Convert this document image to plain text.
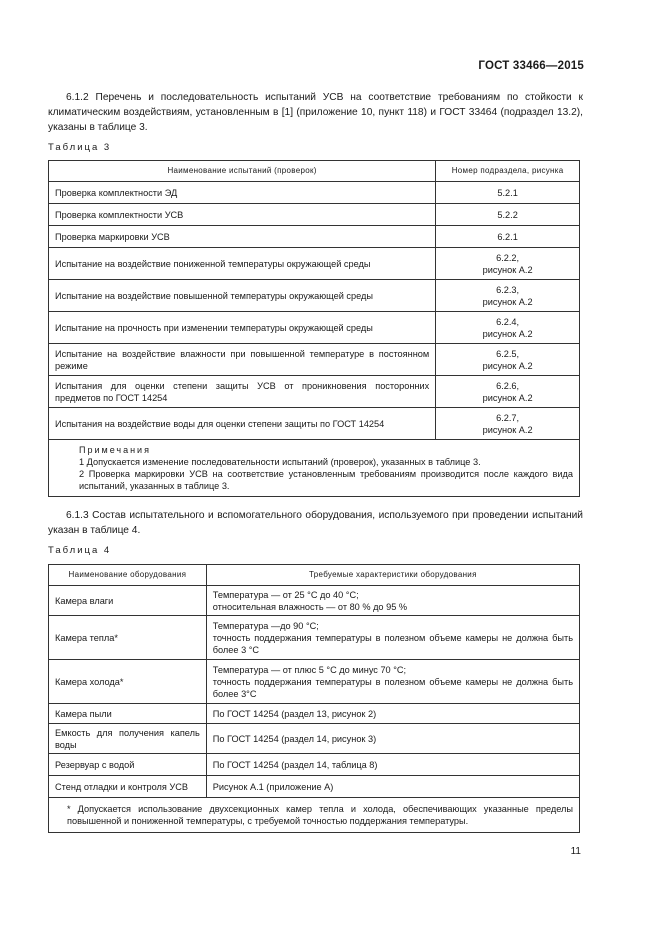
ГОСТ 33466—2015
6.1.2 Перечень и последовательность испытаний УСВ на соответствие требованиям по стойкости к климатическим воздействиям, установленным в [1] (приложение 10, пункт 118) и ГОСТ 33464 (подраздел 13.2), указаны в таблице 3.
Таблица 3
Наименование испытаний (проверок)	Номер подраздела, рисунка
Проверка комплектности ЭД	5.2.1
Проверка комплектности УСВ	5.2.2
Проверка маркировки УСВ	6.2.1
Испытание на воздействие пониженной температуры окружающей среды	6.2.2,
рисунок А.2
Испытание на воздействие повышенной температуры окружающей среды	6.2.3,
рисунок А.2
Испытание на прочность при изменении температуры окружающей среды	6.2.4,
рисунок А.2
Испытание на воздействие влажности при повышенной температуре в постоянном режиме	6.2.5,
рисунок А.2
Испытания для оценки степени защиты УСВ от проникновения посторонних предметов по ГОСТ 14254	6.2.6,
рисунок А.2
Испытания на воздействие воды для оценки степени защиты по ГОСТ 14254	6.2.7,
рисунок А.2

Примечания
1 Допускается изменение последовательности испытаний (проверок), указанных в таблице 3.
2 Проверка маркировки УСВ на соответствие установленным требованиям производится после каждого вида испытаний, указанных в таблице 3.	
6.1.3 Состав испытательного и вспомогательного оборудования, используемого при проведении испытаний указан в таблице 4.
Таблица 4
Наименование оборудования	Требуемые характеристики оборудования
Камера влаги	Температура — от 25 °С до 40 °С;
относительная влажность — от 80 % до 95 %

Камера тепла*	Температура —до 90 °С;
точность поддержания температуры в полезном объеме камеры не должна быть более 3 °С

Камера холода*	Температура — от плюс 5 °С до минус 70 °С;
точность поддержания температуры в полезном объеме камеры не должна быть более 3°С

Камера пыли	По ГОСТ 14254 (раздел 13, рисунок 2)

Емкость для получения капель воды	По ГОСТ 14254 (раздел 14, рисунок 3)

Резервуар с водой	По ГОСТ 14254 (раздел 14, таблица 8)

Стенд отладки и контроля УСВ	Рисунок А.1 (приложение А)

* Допускается использование двухсекционных камер тепла и холода, обеспечивающих указанные пределы повышенной и пониженной температуры, с требуемой точностью поддержания температуры.	
11
